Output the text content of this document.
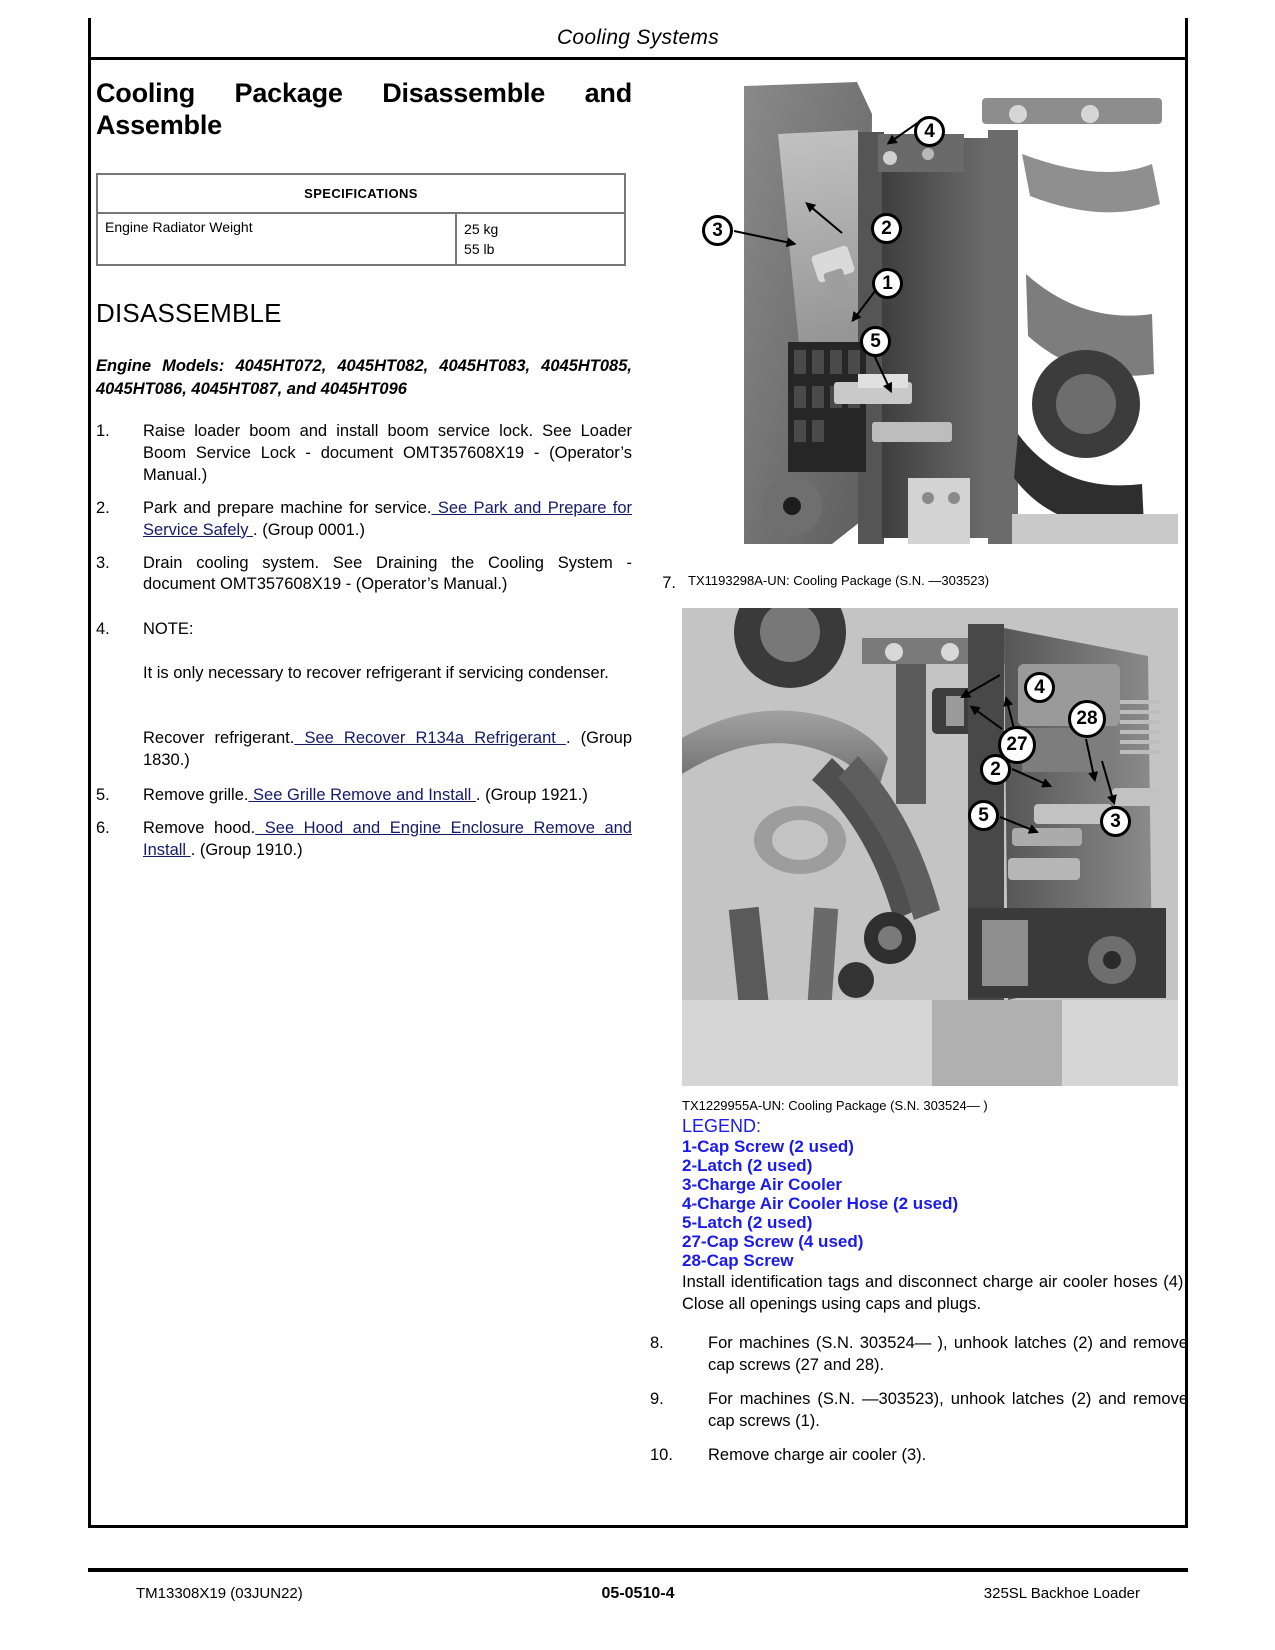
Cooling Systems
Cooling Package Disassemble and
Assemble
SPECIFICATIONS
Engine Radiator Weight	25 kg
55 lb
DISASSEMBLE

Engine Models: 4045HT072, 4045HT082, 4045HT083, 4045HT085, 4045HT086, 4045HT087, and 4045HT096

1.	Raise loader boom and install boom service lock. See Loader Boom Service Lock - document OMT357608X19 - (Operator’s Manual.)
2.	Park and prepare machine for service. See Park and Prepare for Service Safely . (Group 0001.)
3.	Drain cooling system. See Draining the Cooling System - document OMT357608X19 - (Operator’s Manual.)
4.	NOTE:
It is only necessary to recover refrigerant if servicing condenser.
Recover refrigerant. See Recover R134a Refrigerant . (Group 1830.)
5.	Remove grille. See Grille Remove and Install . (Group 1921.)
6.	Remove hood. See Hood and Engine Enclosure Remove and Install . (Group 1910.)
4
3	2
1
5
7. TX1193298A-UN: Cooling Package (S.N. —303523)
4
28
27
2
5	3
TX1229955A-UN: Cooling Package (S.N. 303524— )
LEGEND:
1-Cap Screw (2 used)
2-Latch (2 used)
3-Charge Air Cooler
4-Charge Air Cooler Hose (2 used)
5-Latch (2 used)
27-Cap Screw (4 used)
28-Cap Screw

Install identification tags and disconnect charge air cooler hoses (4). Close all openings using caps and plugs.

8.	For machines (S.N. 303524— ), unhook latches (2) and remove cap screws (27 and 28).
9.	For machines (S.N. —303523), unhook latches (2) and remove cap screws (1).
10.	Remove charge air cooler (3).
TM13308X19 (03JUN22)	05-0510-4	325SL Backhoe Loader
